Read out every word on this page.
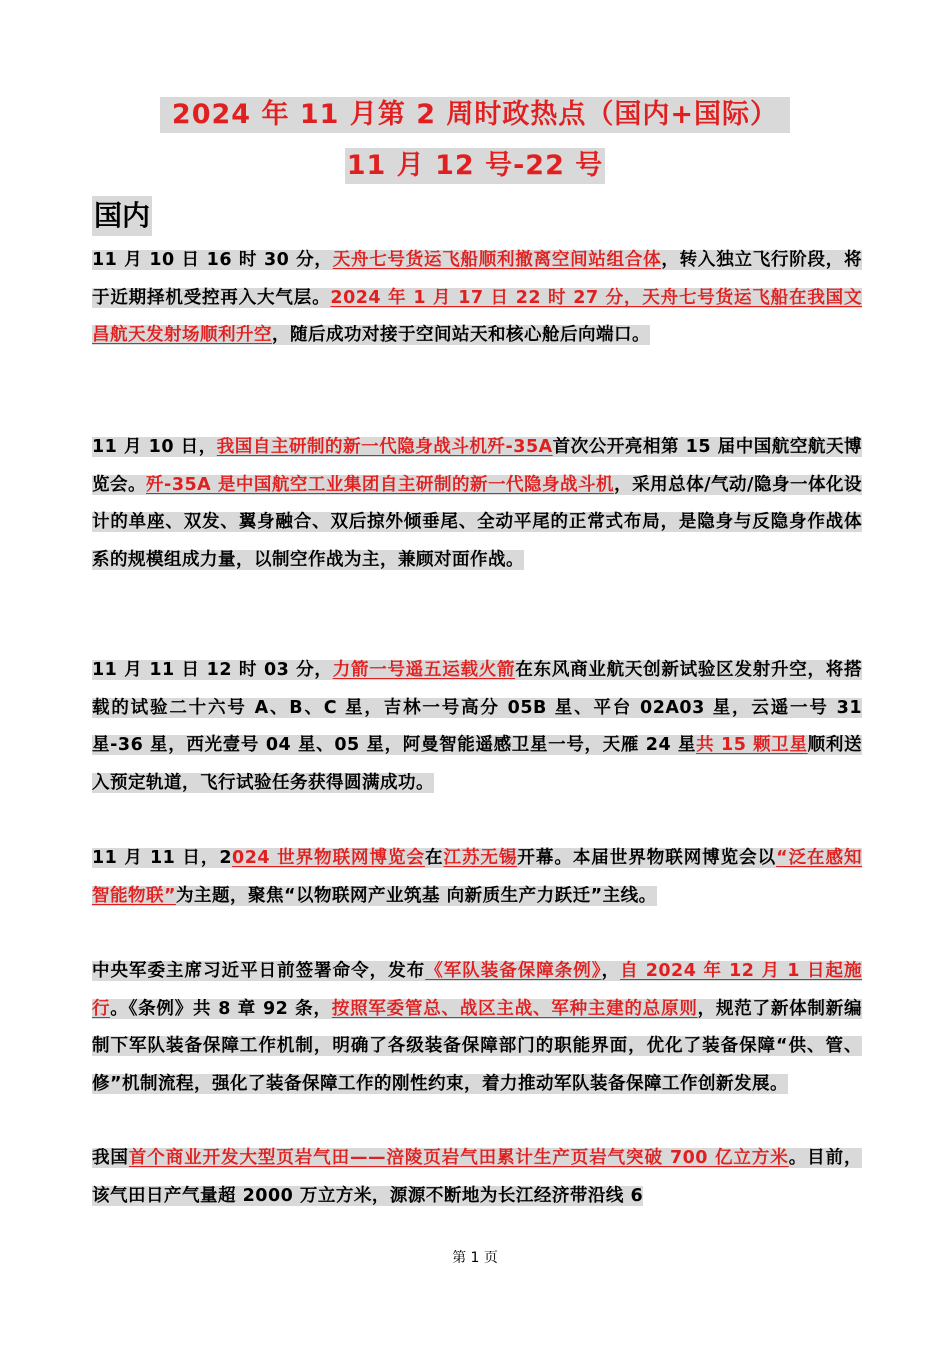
2024 年 11 月第 2 周时政热点（国内+国际）
11 月 12 号-22 号
国内
11 月 10 日 16 时 30 分，天舟七号货运飞船顺利撤离空间站组合体，转入独立飞行阶段，将于近期择机受控再入大气层。2024 年 1 月 17 日 22 时 27 分，天舟七号货运飞船在我国文昌航天发射场顺利升空，随后成功对接于空间站天和核心舱后向端口。
11 月 10 日，我国自主研制的新一代隐身战斗机歼-35A首次公开亮相第 15 届中国航空航天博览会。歼-35A 是中国航空工业集团自主研制的新一代隐身战斗机，采用总体/气动/隐身一体化设计的单座、双发、翼身融合、双后掠外倾垂尾、全动平尾的正常式布局，是隐身与反隐身作战体系的规模组成力量，以制空作战为主，兼顾对面作战。
11 月 11 日 12 时 03 分，力箭一号遥五运载火箭在东风商业航天创新试验区发射升空，将搭载的试验二十六号 A、B、C 星，吉林一号高分 05B 星、平台 02A03 星，云遥一号 31 星-36 星，西光壹号 04 星、05 星，阿曼智能遥感卫星一号，天雁 24 星共 15 颗卫星顺利送入预定轨道，飞行试验任务获得圆满成功。
11 月 11 日，2024 世界物联网博览会在江苏无锡开幕。本届世界物联网博览会以“泛在感知 智能物联”为主题，聚焦“以物联网产业筑基 向新质生产力跃迁”主线。
中央军委主席习近平日前签署命令，发布《军队装备保障条例》，自 2024 年 12 月 1 日起施行。《条例》共 8 章 92 条，按照军委管总、战区主战、军种主建的总原则，规范了新体制新编制下军队装备保障工作机制，明确了各级装备保障部门的职能界面，优化了装备保障“供、管、修”机制流程，强化了装备保障工作的刚性约束，着力推动军队装备保障工作创新发展。
我国首个商业开发大型页岩气田——涪陵页岩气田累计生产页岩气突破 700 亿立方米。目前，该气田日产气量超 2000 万立方米，源源不断地为长江经济带沿线 6
第 1 页
